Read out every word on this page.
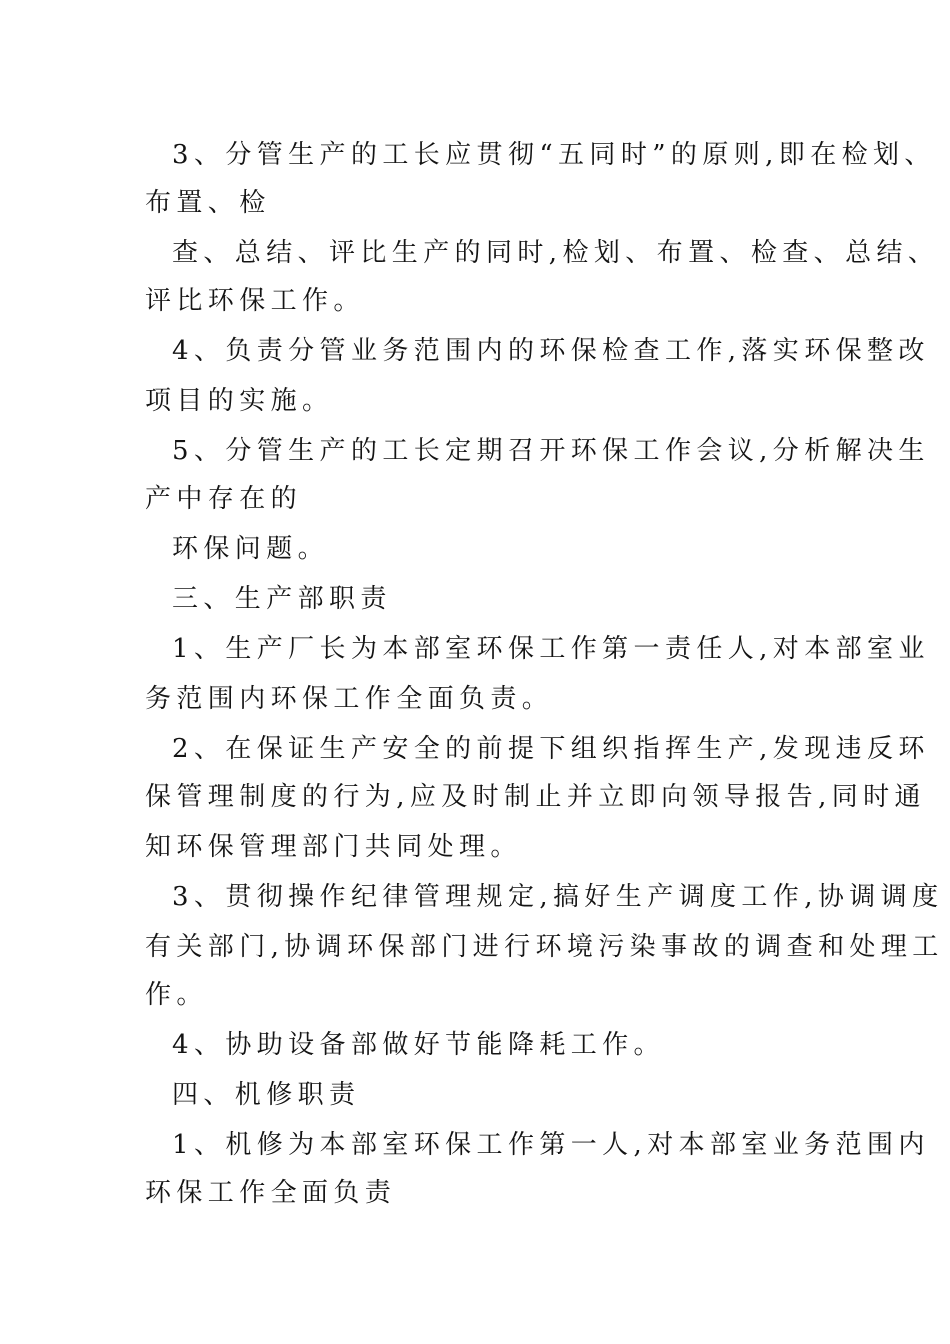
3、分管生产的工长应贯彻“五同时”的原则,即在检划、

布置、检

查、总结、评比生产的同时,检划、布置、检查、总结、

评比环保工作。

4、负责分管业务范围内的环保检查工作,落实环保整改

项目的实施。

5、分管生产的工长定期召开环保工作会议,分析解决生

产中存在的

环保问题。

三、生产部职责

1、生产厂长为本部室环保工作第一责任人,对本部室业

务范围内环保工作全面负责。

2、在保证生产安全的前提下组织指挥生产,发现违反环

保管理制度的行为,应及时制止并立即向领导报告,同时通

知环保管理部门共同处理。

3、贯彻操作纪律管理规定,搞好生产调度工作,协调调度

有关部门,协调环保部门进行环境污染事故的调查和处理工

作。

4、协助设备部做好节能降耗工作。

四、机修职责

1、机修为本部室环保工作第一人,对本部室业务范围内

环保工作全面负责
